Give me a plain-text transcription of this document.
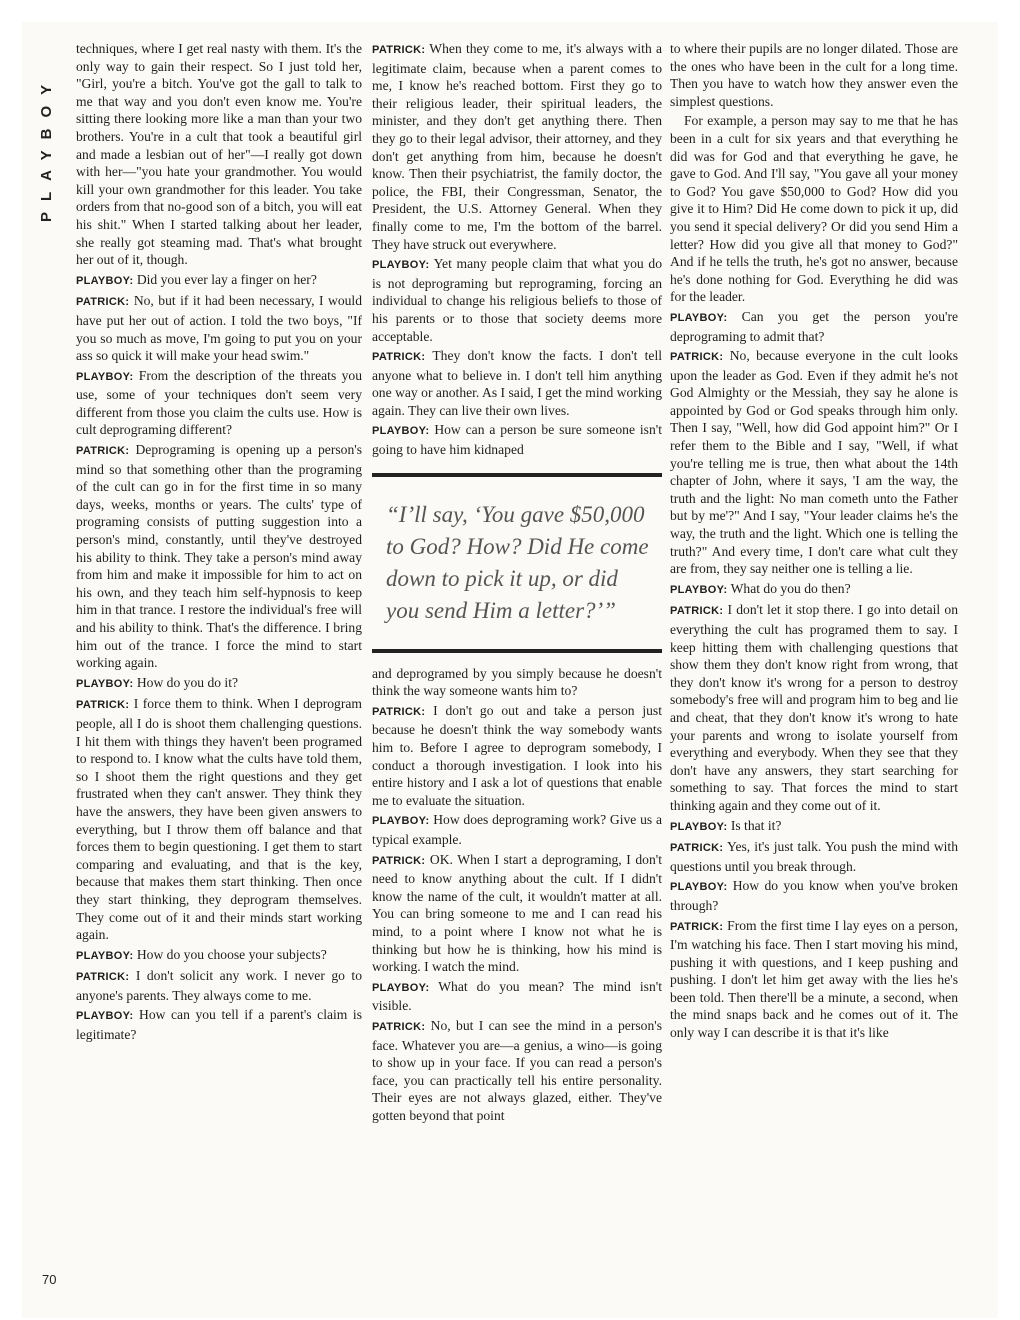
PLAYBOY
70

techniques, where I get real nasty with them. It's the only way to gain their respect. So I just told her, "Girl, you're a bitch. You've got the gall to talk to me that way and you don't even know me. You're sitting there looking more like a man than your two brothers. You're in a cult that took a beautiful girl and made a lesbian out of her"—I really got down with her—"you hate your grandmother. You would kill your own grandmother for this leader. You take orders from that no-good son of a bitch, you will eat his shit." When I started talking about her leader, she really got steaming mad. That's what brought her out of it, though.

PLAYBOY: Did you ever lay a finger on her?

PATRICK: No, but if it had been necessary, I would have put her out of action. I told the two boys, "If you so much as move, I'm going to put you on your ass so quick it will make your head swim."

PLAYBOY: From the description of the threats you use, some of your techniques don't seem very different from those you claim the cults use. How is cult deprograming different?

PATRICK: Deprograming is opening up a person's mind so that something other than the programing of the cult can go in for the first time in so many days, weeks, months or years. The cults' type of programing consists of putting suggestion into a person's mind, constantly, until they've destroyed his ability to think. They take a person's mind away from him and make it impossible for him to act on his own, and they teach him self-hypnosis to keep him in that trance. I restore the individual's free will and his ability to think. That's the difference. I bring him out of the trance. I force the mind to start working again.

PLAYBOY: How do you do it?

PATRICK: I force them to think. When I deprogram people, all I do is shoot them challenging questions. I hit them with things they haven't been programed to respond to. I know what the cults have told them, so I shoot them the right questions and they get frustrated when they can't answer. They think they have the answers, they have been given answers to everything, but I throw them off balance and that forces them to begin questioning. I get them to start comparing and evaluating, and that is the key, because that makes them start thinking. Then once they start thinking, they deprogram themselves. They come out of it and their minds start working again.

PLAYBOY: How do you choose your subjects?

PATRICK: I don't solicit any work. I never go to anyone's parents. They always come to me.

PLAYBOY: How can you tell if a parent's claim is legitimate?

PATRICK: When they come to me, it's always with a legitimate claim, because when a parent comes to me, I know he's reached bottom. First they go to their religious leader, their spiritual leaders, the minister, and they don't get anything there. Then they go to their legal advisor, their attorney, and they don't get anything from him, because he doesn't know. Then their psychiatrist, the family doctor, the police, the FBI, their Congressman, Senator, the President, the U.S. Attorney General. When they finally come to me, I'm the bottom of the barrel. They have struck out everywhere.

PLAYBOY: Yet many people claim that what you do is not deprograming but reprograming, forcing an individual to change his religious beliefs to those of his parents or to those that society deems more acceptable.

PATRICK: They don't know the facts. I don't tell anyone what to believe in. I don't tell him anything one way or another. As I said, I get the mind working again. They can live their own lives.

PLAYBOY: How can a person be sure someone isn't going to have him kidnaped

“I’ll say, ‘You gave $50,000 to God? How? Did He come down to pick it up, or did you send Him a letter?’”

and deprogramed by you simply because he doesn't think the way someone wants him to?

PATRICK: I don't go out and take a person just because he doesn't think the way somebody wants him to. Before I agree to deprogram somebody, I conduct a thorough investigation. I look into his entire history and I ask a lot of questions that enable me to evaluate the situation.

PLAYBOY: How does deprograming work? Give us a typical example.

PATRICK: OK. When I start a deprograming, I don't need to know anything about the cult. If I didn't know the name of the cult, it wouldn't matter at all. You can bring someone to me and I can read his mind, to a point where I know not what he is thinking but how he is thinking, how his mind is working. I watch the mind.

PLAYBOY: What do you mean? The mind isn't visible.

PATRICK: No, but I can see the mind in a person's face. Whatever you are—a genius, a wino—is going to show up in your face. If you can read a person's face, you can practically tell his entire personality. Their eyes are not always glazed, either. They've gotten beyond that point

to where their pupils are no longer dilated. Those are the ones who have been in the cult for a long time. Then you have to watch how they answer even the simplest questions.

For example, a person may say to me that he has been in a cult for six years and that everything he did was for God and that everything he gave, he gave to God. And I'll say, "You gave all your money to God? You gave $50,000 to God? How did you give it to Him? Did He come down to pick it up, did you send it special delivery? Or did you send Him a letter? How did you give all that money to God?" And if he tells the truth, he's got no answer, because he's done nothing for God. Everything he did was for the leader.

PLAYBOY: Can you get the person you're deprograming to admit that?

PATRICK: No, because everyone in the cult looks upon the leader as God. Even if they admit he's not God Almighty or the Messiah, they say he alone is appointed by God or God speaks through him only. Then I say, "Well, how did God appoint him?" Or I refer them to the Bible and I say, "Well, if what you're telling me is true, then what about the 14th chapter of John, where it says, 'I am the way, the truth and the light: No man cometh unto the Father but by me'?" And I say, "Your leader claims he's the way, the truth and the light. Which one is telling the truth?" And every time, I don't care what cult they are from, they say neither one is telling a lie.

PLAYBOY: What do you do then?

PATRICK: I don't let it stop there. I go into detail on everything the cult has programed them to say. I keep hitting them with challenging questions that show them they don't know right from wrong, that they don't know it's wrong for a person to destroy somebody's free will and program him to beg and lie and cheat, that they don't know it's wrong to hate your parents and wrong to isolate yourself from everything and everybody. When they see that they don't have any answers, they start searching for something to say. That forces the mind to start thinking again and they come out of it.

PLAYBOY: Is that it?

PATRICK: Yes, it's just talk. You push the mind with questions until you break through.

PLAYBOY: How do you know when you've broken through?

PATRICK: From the first time I lay eyes on a person, I'm watching his face. Then I start moving his mind, pushing it with questions, and I keep pushing and pushing. I don't let him get away with the lies he's been told. Then there'll be a minute, a second, when the mind snaps back and he comes out of it. The only way I can describe it is that it's like
